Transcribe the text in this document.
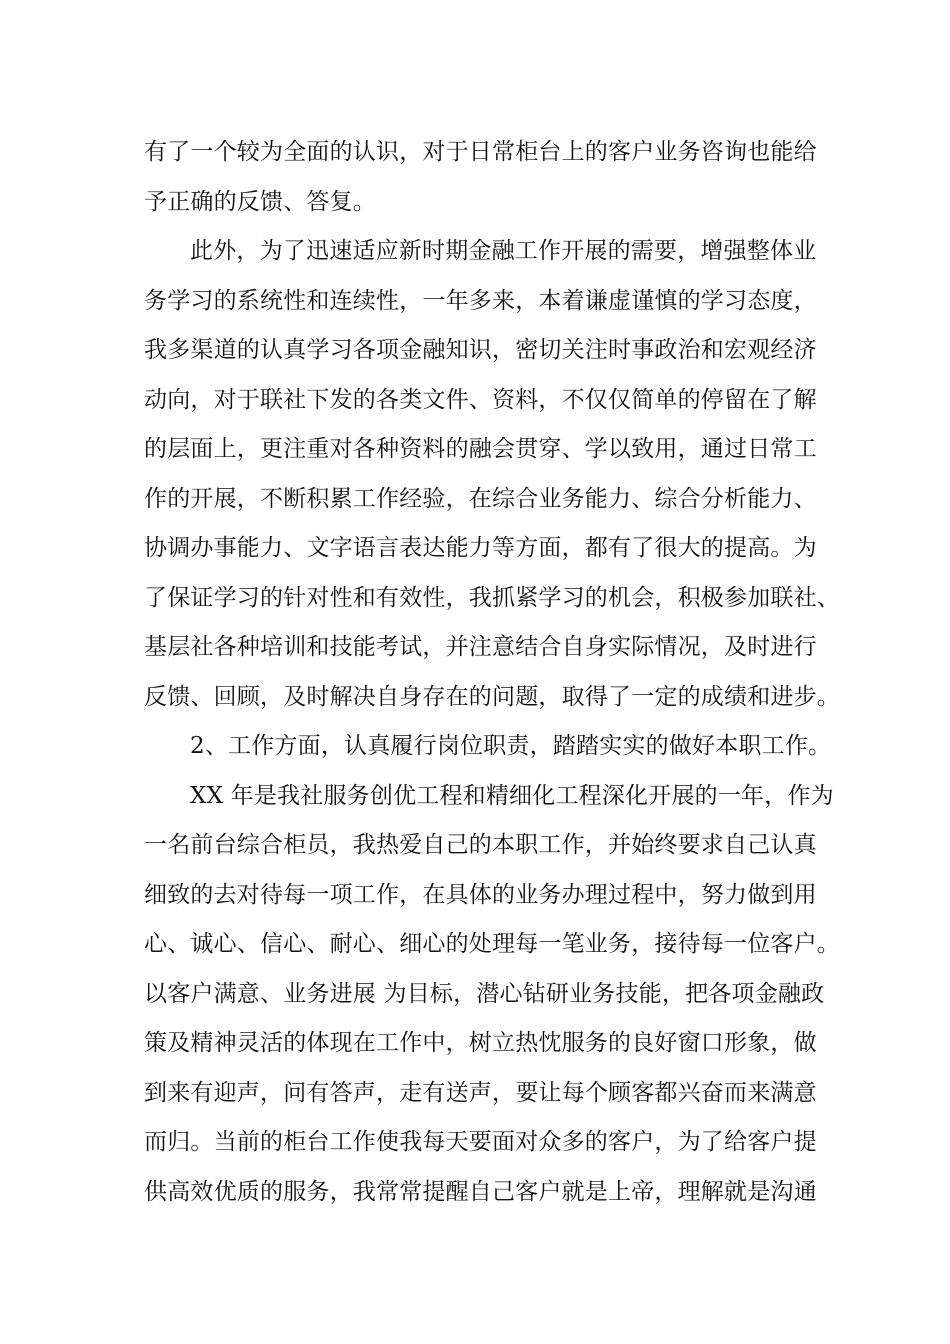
有了一个较为全面的认识，对于日常柜台上的客户业务咨询也能给
予正确的反馈、答复。
此外，为了迅速适应新时期金融工作开展的需要，增强整体业
务学习的系统性和连续性，一年多来，本着谦虚谨慎的学习态度，
我多渠道的认真学习各项金融知识，密切关注时事政治和宏观经济
动向，对于联社下发的各类文件、资料，不仅仅简单的停留在了解
的层面上，更注重对各种资料的融会贯穿、学以致用，通过日常工
作的开展，不断积累工作经验，在综合业务能力、综合分析能力、
协调办事能力、文字语言表达能力等方面，都有了很大的提高。为
了保证学习的针对性和有效性，我抓紧学习的机会，积极参加联社、
基层社各种培训和技能考试，并注意结合自身实际情况，及时进行
反馈、回顾，及时解决自身存在的问题，取得了一定的成绩和进步。
2、工作方面，认真履行岗位职责，踏踏实实的做好本职工作。
XX 年是我社服务创优工程和精细化工程深化开展的一年，作为
一名前台综合柜员，我热爱自己的本职工作，并始终要求自己认真
细致的去对待每一项工作，在具体的业务办理过程中，努力做到用
心、诚心、信心、耐心、细心的处理每一笔业务，接待每一位客户。
以客户满意、业务进展 为目标，潜心钻研业务技能，把各项金融政
策及精神灵活的体现在工作中，树立热忱服务的良好窗口形象，做
到来有迎声，问有答声，走有送声，要让每个顾客都兴奋而来满意
而归。当前的柜台工作使我每天要面对众多的客户，为了给客户提
供高效优质的服务，我常常提醒自己客户就是上帝，理解就是沟通
